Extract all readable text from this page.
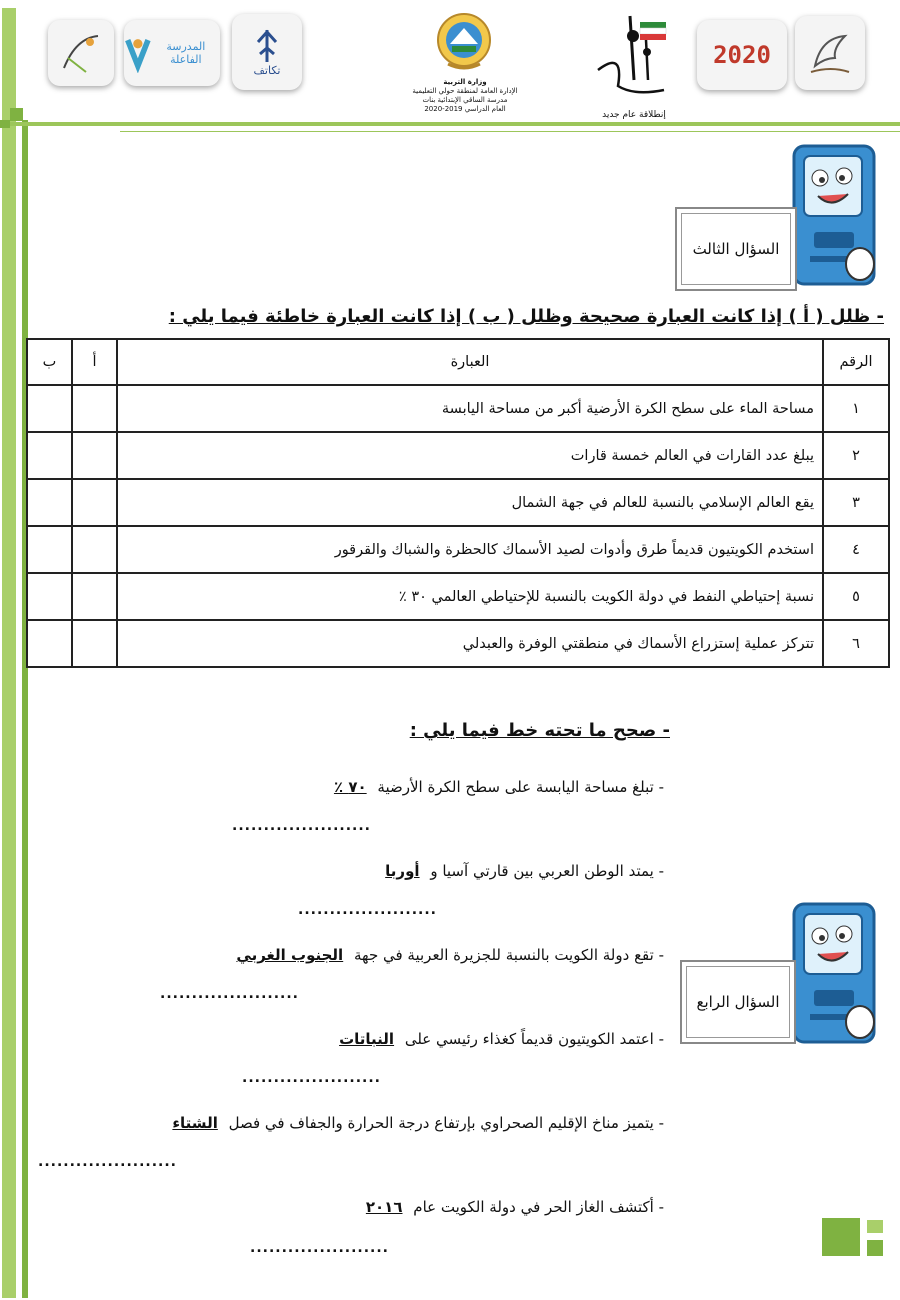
المدرسة الفاعلة
تكاتف
وزارة التربية
الإدارة العامة لمنطقة حولي التعليمية
مدرسة الساقي الإبتدائية بنات
العام الدراسي 2019-2020
إنطلاقة عام جديد
2020
السؤال الثالث
- ظلل ( أ ) إذا كانت العبارة صحيحة وظلل ( ب ) إذا كانت العبارة خاطئة فيما يلي :
الرقم	العبارة	أ	ب
١	مساحة الماء على سطح الكرة الأرضية أكبر من مساحة اليابسة		
٢	يبلغ عدد القارات في العالم خمسة قارات		
٣	يقع العالم الإسلامي بالنسبة للعالم في جهة الشمال		
٤	استخدم الكويتيون قديماً طرق وأدوات لصيد الأسماك كالحظرة والشباك والقرقور		
٥	نسبة إحتياطي النفط في دولة الكويت بالنسبة للإحتياطي العالمي ٣٠ ٪		
٦	تتركز عملية إستزراع الأسماك في منطقتي الوفرة والعبدلي		
- صحح ما تحته خط فيما يلي :
السؤال الرابع
- تبلغ مساحة اليابسة على سطح الكرة الأرضية ٧٠ ٪
......................
- يمتد الوطن العربي بين قارتي آسيا و أوربا
......................
- تقع دولة الكويت بالنسبة للجزيرة العربية في جهة الجنوب الغربي
......................
- اعتمد الكويتيون قديماً كغذاء رئيسي على النباتات
......................
- يتميز مناخ الإقليم الصحراوي بإرتفاع درجة الحرارة والجفاف في فصل الشتاء
......................
- أكتشف الغاز الحر في دولة الكويت عام ٢٠١٦
......................
